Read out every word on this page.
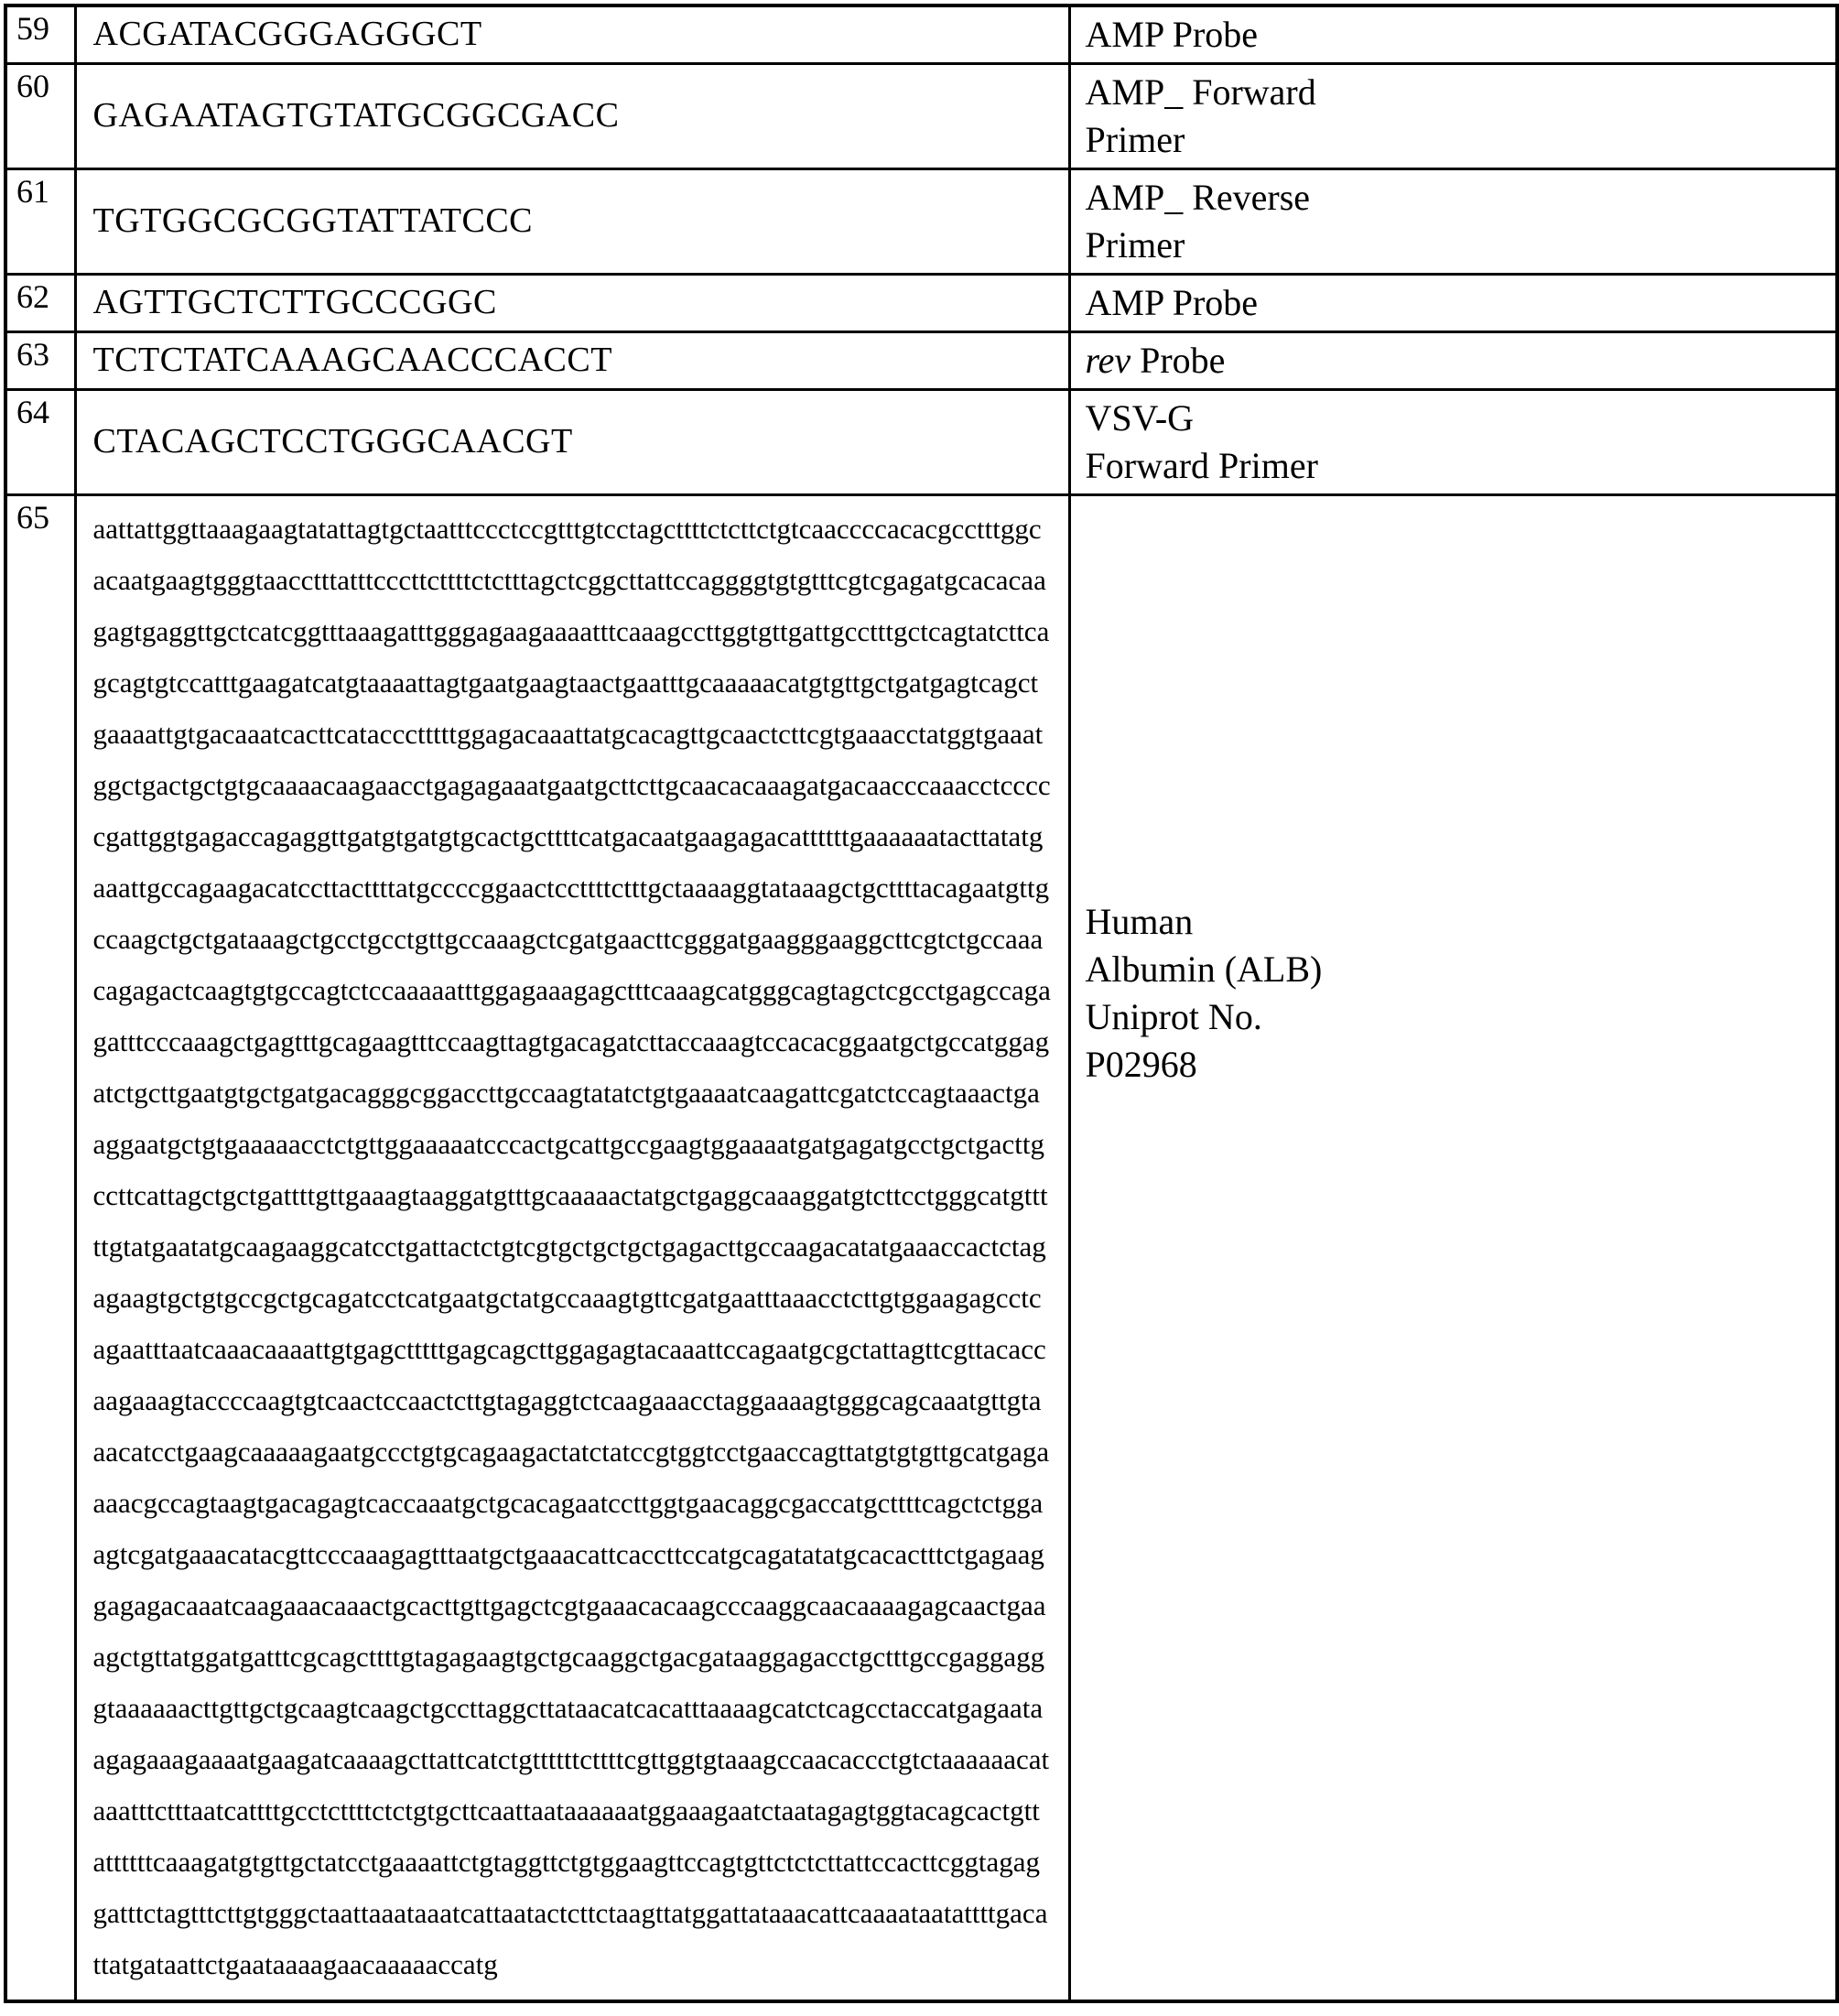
59	ACGATACGGGAGGGCT	AMP Probe
60	GAGAATAGTGTATGCGGCGACC	AMP_ Forward
Primer
61	TGTGGCGCGGTATTATCCC	AMP_ Reverse
Primer
62	AGTTGCTCTTGCCCGGC	AMP Probe
63	TCTCTATCAAAGCAACCCACCT	rev Probe
64	CTACAGCTCCTGGGCAACGT	VSV-G
Forward Primer
65	aattattggttaaagaagtatattagtgctaatttccctccgtttgtcctagcttttctcttctgtcaaccccacacgcctttggcacaatgaagtgggtaacctttatttcccttcttttctctttagctcggcttattccaggggtgtgtttcgtcgagatgcacacaagagtgaggttgctcatcggtttaaagatttgggagaagaaaatttcaaagccttggtgttgattgcctttgctcagtatcttcagcagtgtccatttgaagatcatgtaaaattagtgaatgaagtaactgaatttgcaaaaacatgtgttgctgatgagtcagctgaaaattgtgacaaatcacttcataccctttttggagacaaattatgcacagttgcaactcttcgtgaaacctatggtgaaatggctgactgctgtgcaaaacaagaacctgagagaaatgaatgcttcttgcaacacaaagatgacaacccaaacctcccccgattggtgagaccagaggttgatgtgatgtgcactgcttttcatgacaatgaagagacattttttgaaaaaatacttatatgaaattgccagaagacatccttacttttatgccccggaactccttttctttgctaaaaggtataaagctgcttttacagaatgttgccaagctgctgataaagctgcctgcctgttgccaaagctcgatgaacttcgggatgaagggaaggcttcgtctgccaaacagagactcaagtgtgccagtctccaaaaatttggagaaagagctttcaaagcatgggcagtagctcgcctgagccagagatttcccaaagctgagtttgcagaagtttccaagttagtgacagatcttaccaaagtccacacggaatgctgccatggagatctgcttgaatgtgctgatgacagggcggaccttgccaagtatatctgtgaaaatcaagattcgatctccagtaaactgaaggaatgctgtgaaaaacctctgttggaaaaatcccactgcattgccgaagtggaaaatgatgagatgcctgctgacttgccttcattagctgctgattttgttgaaagtaaggatgtttgcaaaaactatgctgaggcaaaggatgtcttcctgggcatgtttttgtatgaatatgcaagaaggcatcctgattactctgtcgtgctgctgctgagacttgccaagacatatgaaaccactctagagaagtgctgtgccgctgcagatcctcatgaatgctatgccaaagtgttcgatgaatttaaacctcttgtggaagagcctcagaatttaatcaaacaaaattgtgagctttttgagcagcttggagagtacaaattccagaatgcgctattagttcgttacaccaagaaagtaccccaagtgtcaactccaactcttgtagaggtctcaagaaacctaggaaaagtgggcagcaaatgttgtaaacatcctgaagcaaaaagaatgccctgtgcagaagactatctatccgtggtcctgaaccagttatgtgtgttgcatgagaaaacgccagtaagtgacagagtcaccaaatgctgcacagaatccttggtgaacaggcgaccatgcttttcagctctggaagtcgatgaaacatacgttcccaaagagtttaatgctgaaacattcaccttccatgcagatatatgcacactttctgagaaggagagacaaatcaagaaacaaactgcacttgttgagctcgtgaaacacaagcccaaggcaacaaaagagcaactgaaagctgttatggatgatttcgcagcttttgtagagaagtgctgcaaggctgacgataaggagacctgctttgccgaggagggtaaaaaacttgttgctgcaagtcaagctgccttaggcttataacatcacatttaaaagcatctcagcctaccatgagaataagagaaagaaaatgaagatcaaaagcttattcatctgttttttcttttcgttggtgtaaagccaacaccctgtctaaaaaacataaatttctttaatcattttgcctcttttctctgtgcttcaattaataaaaaatggaaagaatctaatagagtggtacagcactgttattttttcaaagatgtgttgctatcctgaaaattctgtaggttctgtggaagttccagtgttctctcttattccacttcggtagaggatttctagtttcttgtgggctaattaaataaatcattaatactcttctaagttatggattataaacattcaaaataatattttgacattatgataattctgaataaaagaacaaaaaccatg	Human
Albumin (ALB)
Uniprot No.
P02968
